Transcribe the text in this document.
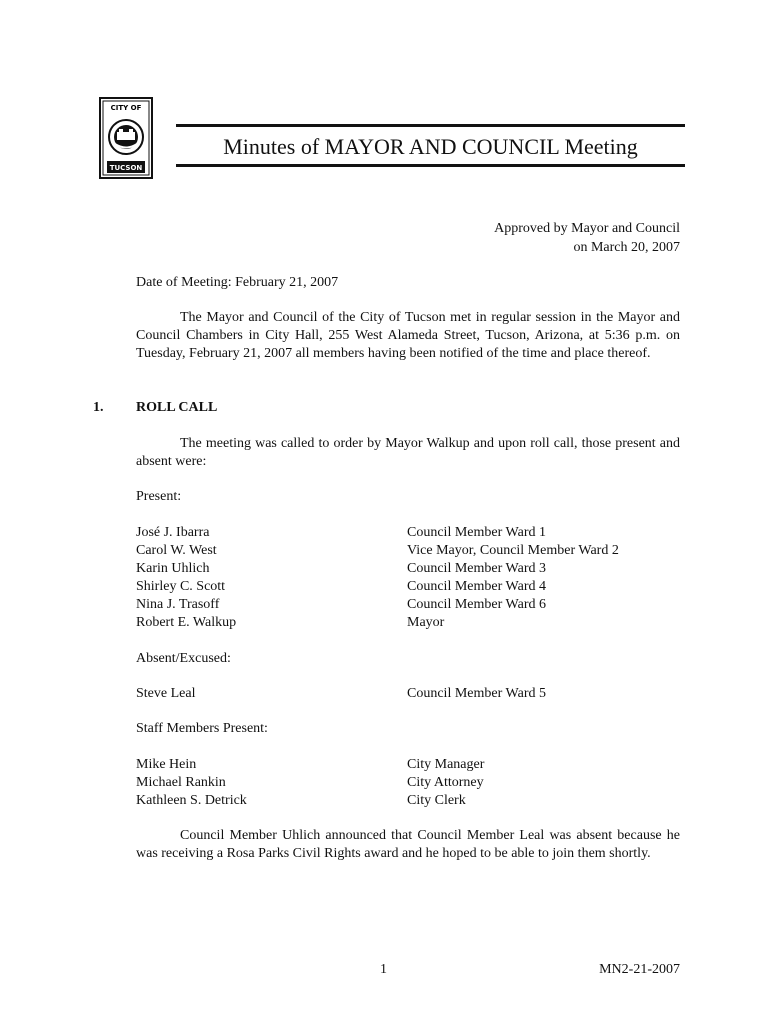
CITY OF
TUCSON
Minutes of MAYOR AND COUNCIL Meeting
Approved by Mayor and Council
on March 20, 2007
Date of Meeting: February 21, 2007
The Mayor and Council of the City of Tucson met in regular session in the Mayor and Council Chambers in City Hall, 255 West Alameda Street, Tucson, Arizona, at 5:36 p.m. on Tuesday, February 21, 2007 all members having been notified of the time and place thereof.
1. ROLL CALL
The meeting was called to order by Mayor Walkup and upon roll call, those present and absent were:
Present:
José J. Ibarra
Carol W. West
Karin Uhlich
Shirley C. Scott
Nina J. Trasoff
Robert E. Walkup
Council Member Ward 1
Vice Mayor, Council Member Ward 2
Council Member Ward 3
Council Member Ward 4
Council Member Ward 6
Mayor
Absent/Excused:
Steve Leal	Council Member Ward 5
Staff Members Present:
Mike Hein
Michael Rankin
Kathleen S. Detrick
City Manager
City Attorney
City Clerk
Council Member Uhlich announced that Council Member Leal was absent because he was receiving a Rosa Parks Civil Rights award and he hoped to be able to join them shortly.
1	MN2-21-2007
